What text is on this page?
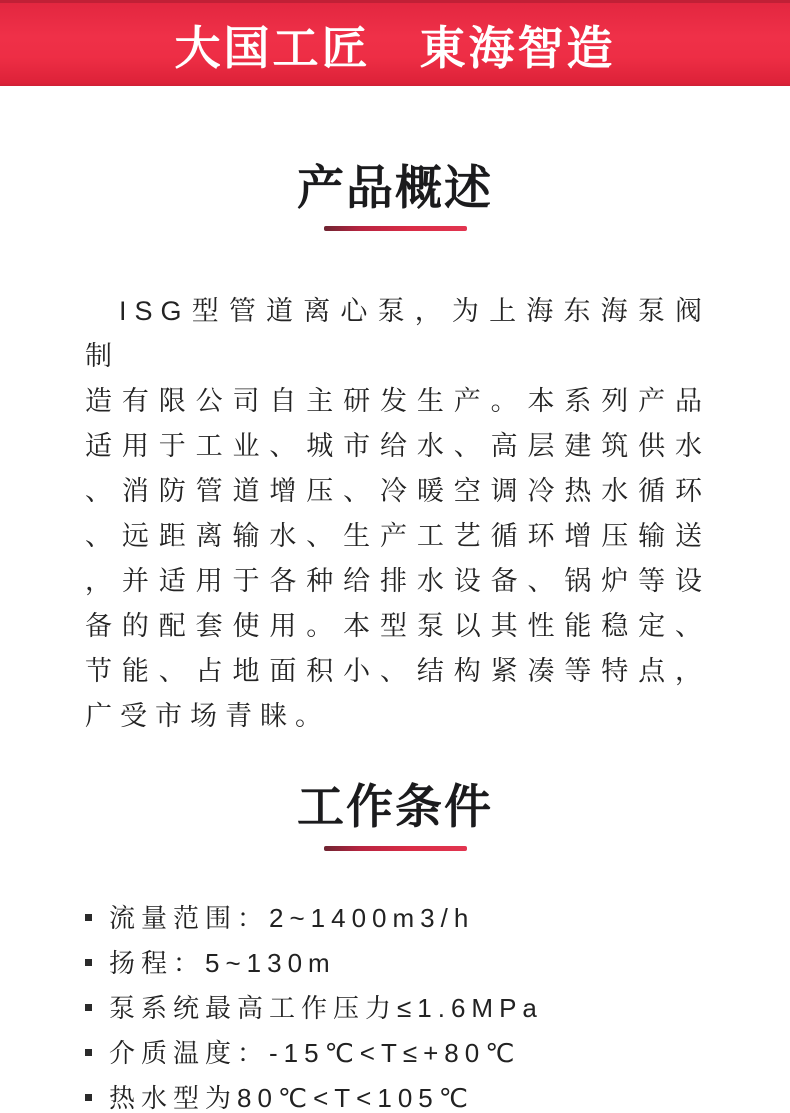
大国工匠　東海智造
产品概述
ISG型管道离心泵，为上海东海泵阀制
造有限公司自主研发生产。本系列产品
适用于工业、城市给水、高层建筑供水
、消防管道增压、冷暖空调冷热水循环
、远距离输水、生产工艺循环增压输送
，并适用于各种给排水设备、锅炉等设
备的配套使用。本型泵以其性能稳定、
节能、占地面积小、结构紧凑等特点，
广受市场青睐。
工作条件
流量范围：2~1400m3/h
扬程：5~130m
泵系统最高工作压力≤1.6MPa
介质温度：-15℃<T≤+80℃
热水型为80℃<T<105℃
